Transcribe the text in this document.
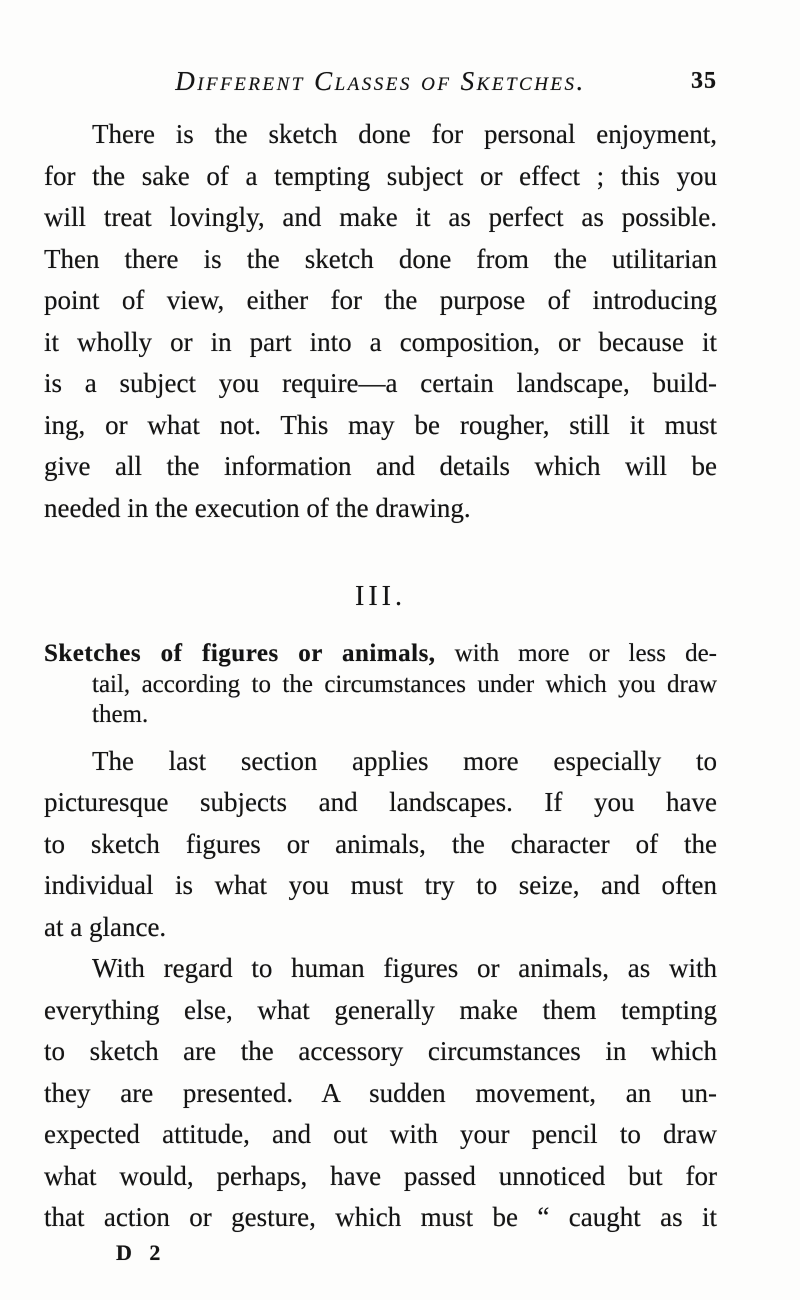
Different Classes of Sketches.	35
There is the sketch done for personal enjoyment,
for the sake of a tempting subject or effect ; this you
will treat lovingly, and make it as perfect as possible.
Then there is the sketch done from the utilitarian
point of view, either for the purpose of introducing
it wholly or in part into a composition, or because it
is a subject you require—a certain landscape, build-
ing, or what not. This may be rougher, still it must
give all the information and details which will be
needed in the execution of the drawing.
III.
Sketches of figures or animals, with more or less de-
tail, according to the circumstances under which you draw
them.
The last section applies more especially to
picturesque subjects and landscapes. If you have
to sketch figures or animals, the character of the
individual is what you must try to seize, and often
at a glance.
With regard to human figures or animals, as with
everything else, what generally make them tempting
to sketch are the accessory circumstances in which
they are presented. A sudden movement, an un-
expected attitude, and out with your pencil to draw
what would, perhaps, have passed unnoticed but for
that action or gesture, which must be “ caught as it
D 2
